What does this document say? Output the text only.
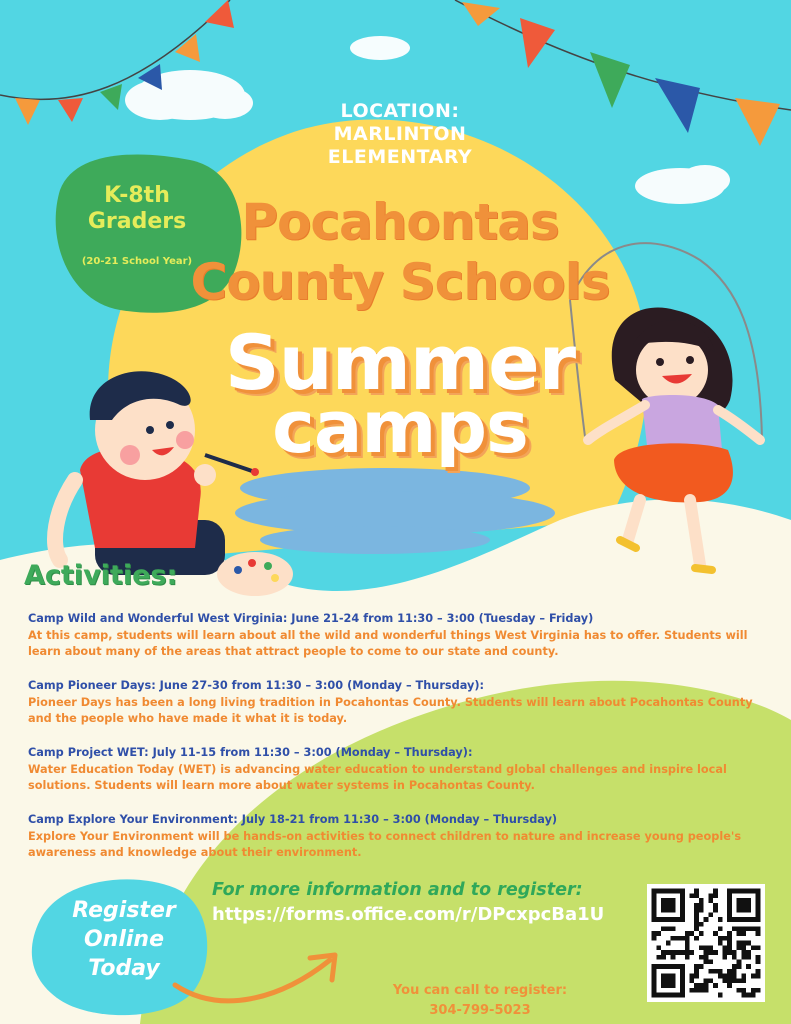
LOCATION:
MARLINTON
ELEMENTARY
K-8th
Graders
(20-21 School Year)
Pocahontas
County Schools
Summer
camps
Activities:
Camp Wild and Wonderful West Virginia: June 21-24 from 11:30 – 3:00 (Tuesday – Friday)
At this camp, students will learn about all the wild and wonderful things West Virginia has to offer. Students will learn about many of the areas that attract people to come to our state and county.
Camp Pioneer Days: June 27-30 from 11:30 – 3:00 (Monday – Thursday):
Pioneer Days has been a long living tradition in Pocahontas County. Students will learn about Pocahontas County and the people who have made it what it is today.
Camp Project WET: July 11-15 from 11:30 – 3:00 (Monday – Thursday):
Water Education Today (WET) is advancing water education to understand global challenges and inspire local solutions. Students will learn more about water systems in Pocahontas County.
Camp Explore Your Environment: July 18-21 from 11:30 – 3:00 (Monday – Thursday)
Explore Your Environment will be hands-on activities to connect children to nature and increase young people's awareness and knowledge about their environment.
For more information and to register:
https://forms.office.com/r/DPcxpcBa1U
Register
Online
Today
You can call to register:
304-799-5023
